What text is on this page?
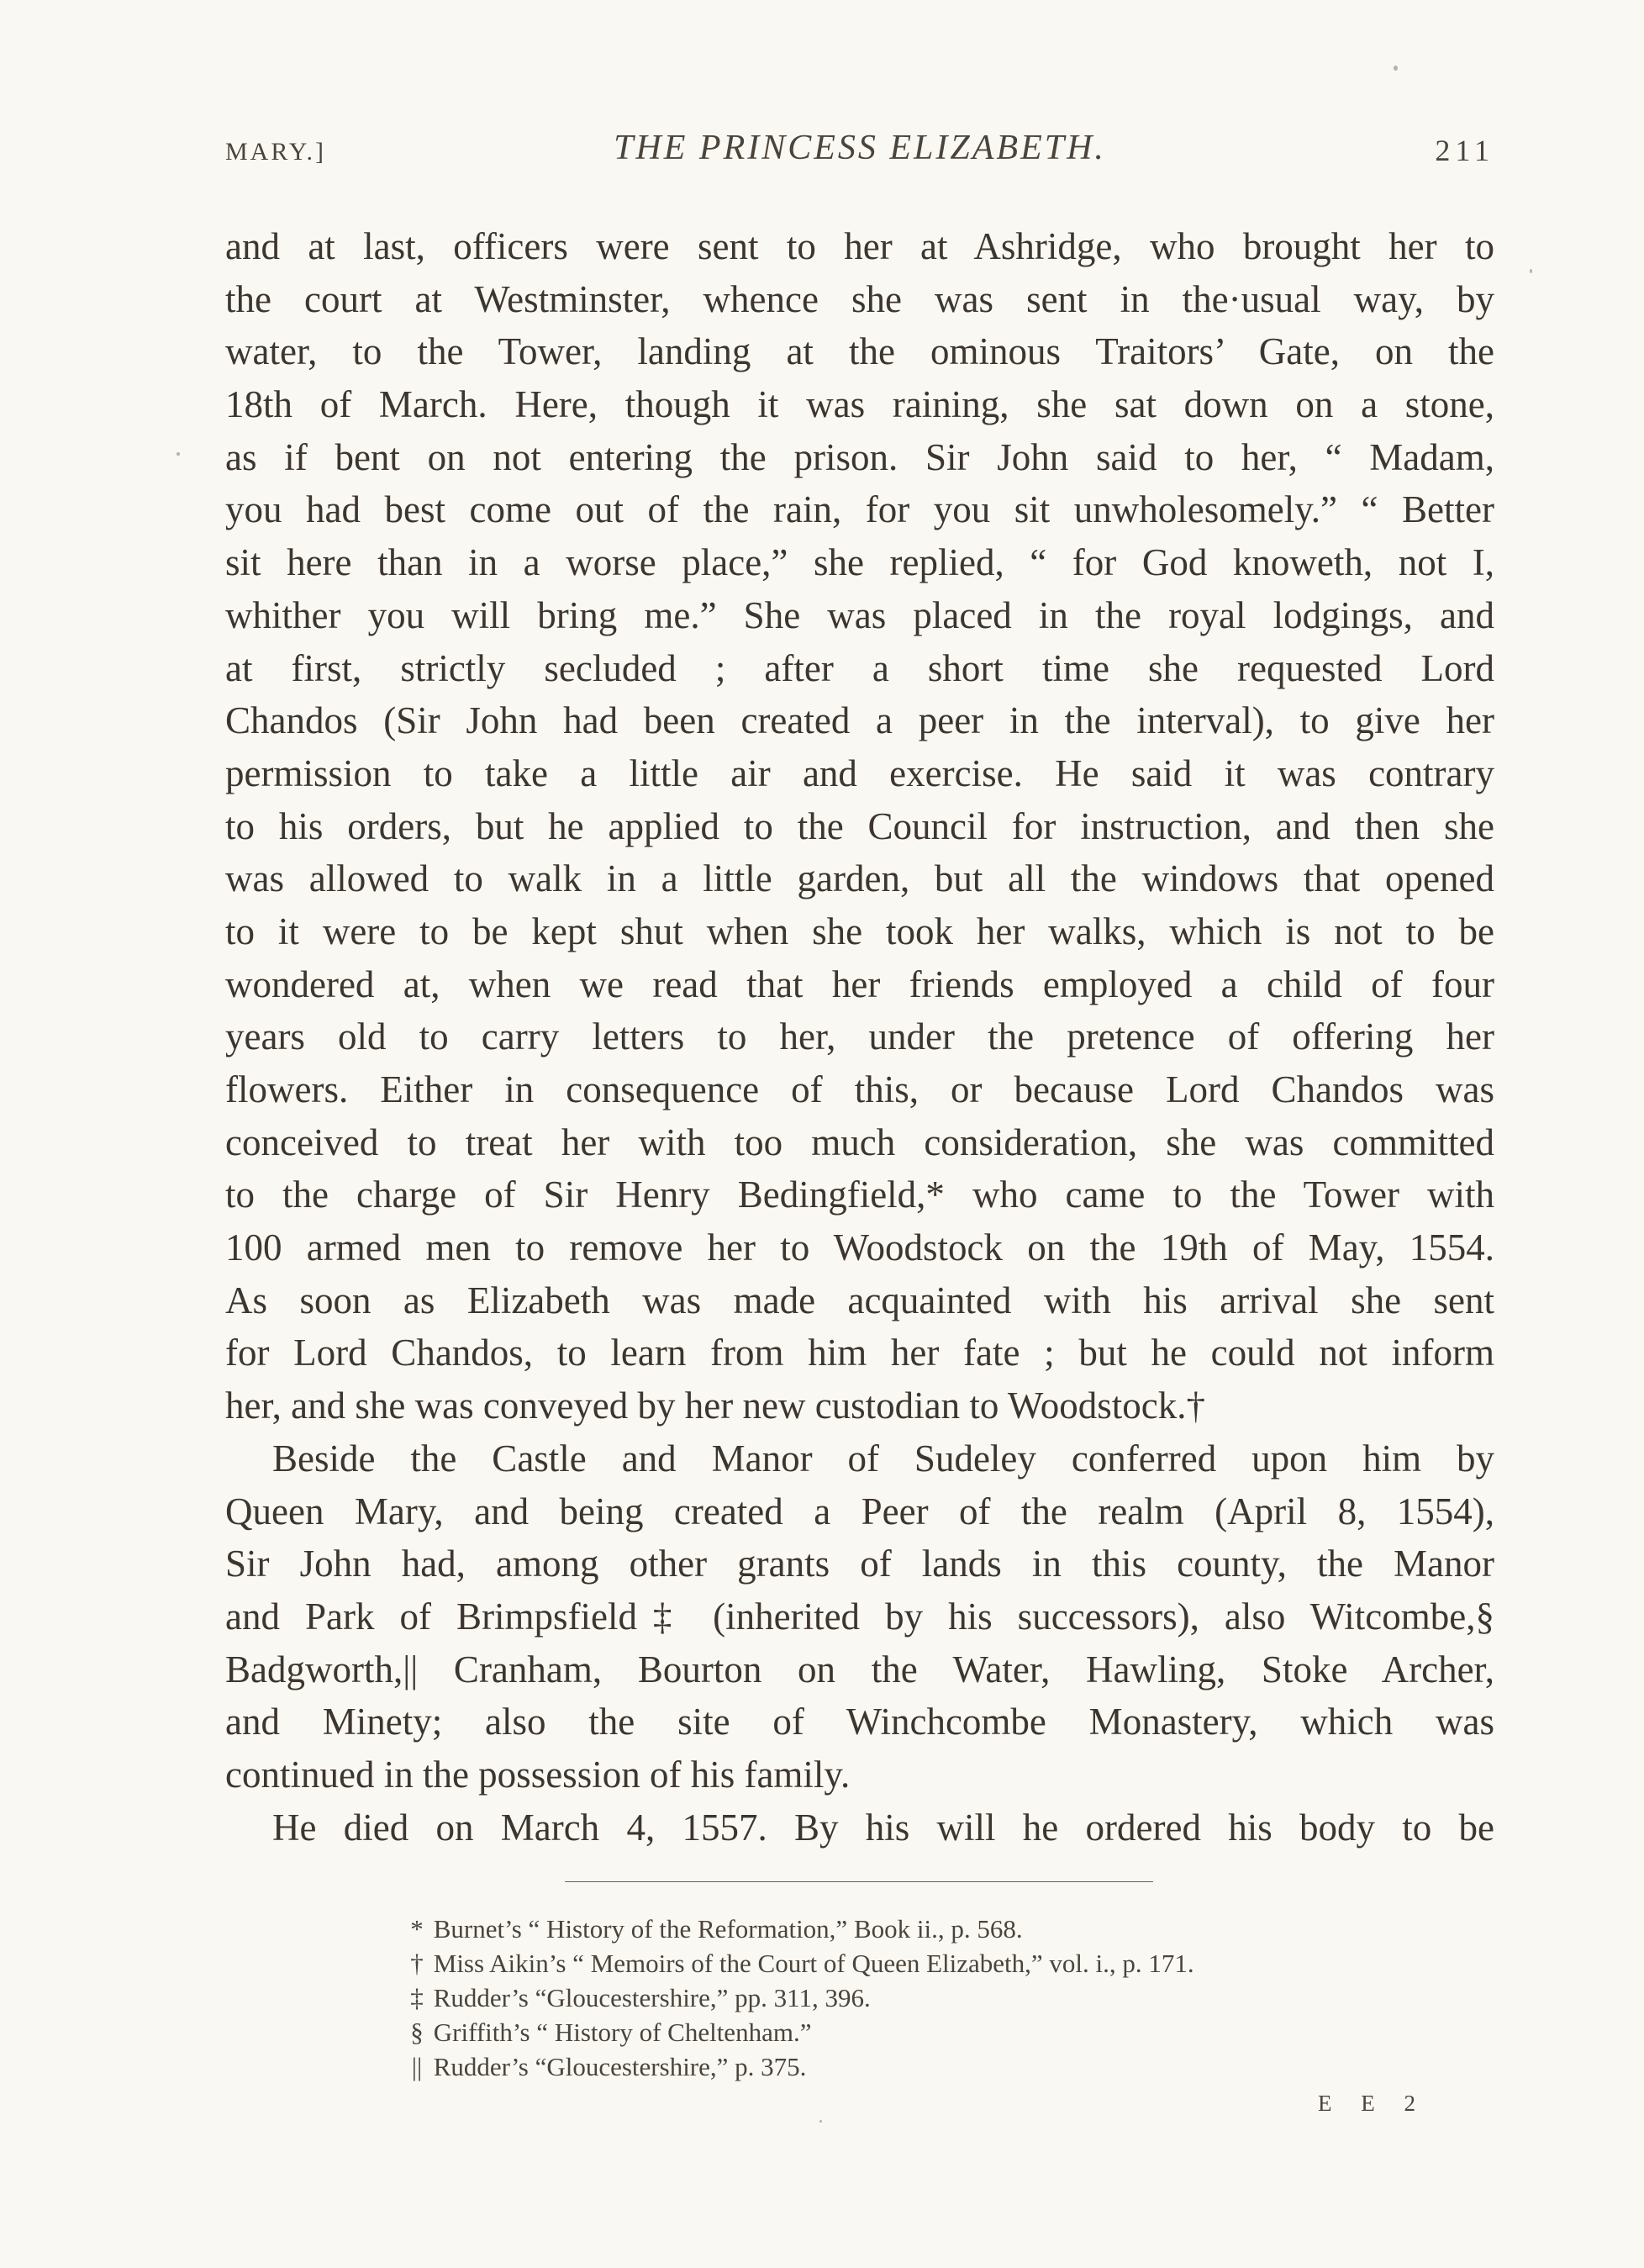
MARY.]	THE PRINCESS ELIZABETH.	211
and at last, officers were sent to her at Ashridge, who brought her to
the court at Westminster, whence she was sent in the·usual way, by
water, to the Tower, landing at the ominous Traitors’ Gate, on the
18th of March. Here, though it was raining, she sat down on a stone,
as if bent on not entering the prison. Sir John said to her, “ Madam,
you had best come out of the rain, for you sit unwholesomely.” “ Better
sit here than in a worse place,” she replied, “ for God knoweth, not I,
whither you will bring me.” She was placed in the royal lodgings, and
at first, strictly secluded ; after a short time she requested Lord
Chandos (Sir John had been created a peer in the interval), to give her
permission to take a little air and exercise. He said it was contrary
to his orders, but he applied to the Council for instruction, and then she
was allowed to walk in a little garden, but all the windows that opened
to it were to be kept shut when she took her walks, which is not to be
wondered at, when we read that her friends employed a child of four
years old to carry letters to her, under the pretence of offering her
flowers. Either in consequence of this, or because Lord Chandos was
conceived to treat her with too much consideration, she was committed
to the charge of Sir Henry Bedingfield,* who came to the Tower with
100 armed men to remove her to Woodstock on the 19th of May, 1554.
As soon as Elizabeth was made acquainted with his arrival she sent
for Lord Chandos, to learn from him her fate ; but he could not inform
her, and she was conveyed by her new custodian to Woodstock.†
Beside the Castle and Manor of Sudeley conferred upon him by
Queen Mary, and being created a Peer of the realm (April 8, 1554),
Sir John had, among other grants of lands in this county, the Manor
and Park of Brimpsfield‡ (inherited by his successors), also Witcombe,§
Badgworth,|| Cranham, Bourton on the Water, Hawling, Stoke Archer,
and Minety; also the site of Winchcombe Monastery, which was
continued in the possession of his family.
He died on March 4, 1557. By his will he ordered his body to be
* Burnet’s “ History of the Reformation,” Book ii., p. 568.
† Miss Aikin’s “ Memoirs of the Court of Queen Elizabeth,” vol. i., p. 171.
‡ Rudder’s “Gloucestershire,” pp. 311, 396.
§ Griffith’s “ History of Cheltenham.”
|| Rudder’s “Gloucestershire,” p. 375.
E E 2
